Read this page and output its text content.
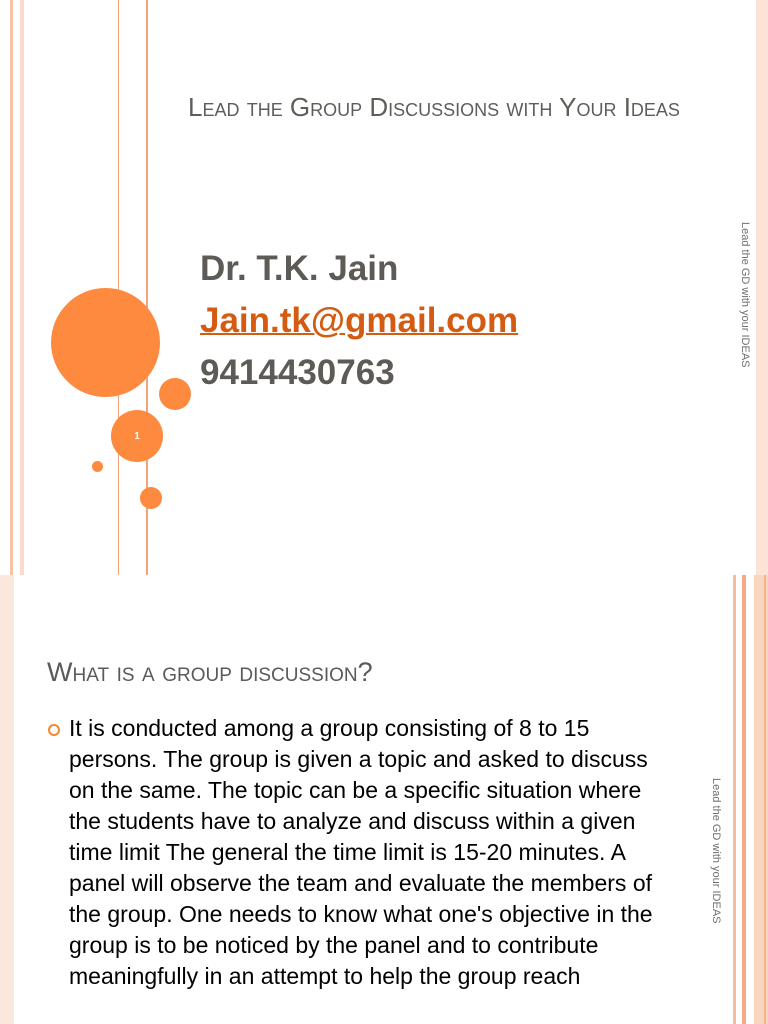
1
Lead the Group Discussions with Your Ideas
Dr. T.K. Jain
Jain.tk@gmail.com
9414430763
Lead the GD with your IDEAS
What is a group discussion?
It is conducted among a group consisting of 8 to 15 persons. The group is given a topic and asked to discuss on the same. The topic can be a specific situation where the students have to analyze and discuss within a given time limit The general the time limit is 15-20 minutes. A panel will observe the team and evaluate the members of the group. One needs to know what one's objective in the group is to be noticed by the panel and to contribute meaningfully in an attempt to help the group reach
Lead the GD with your IDEAS
